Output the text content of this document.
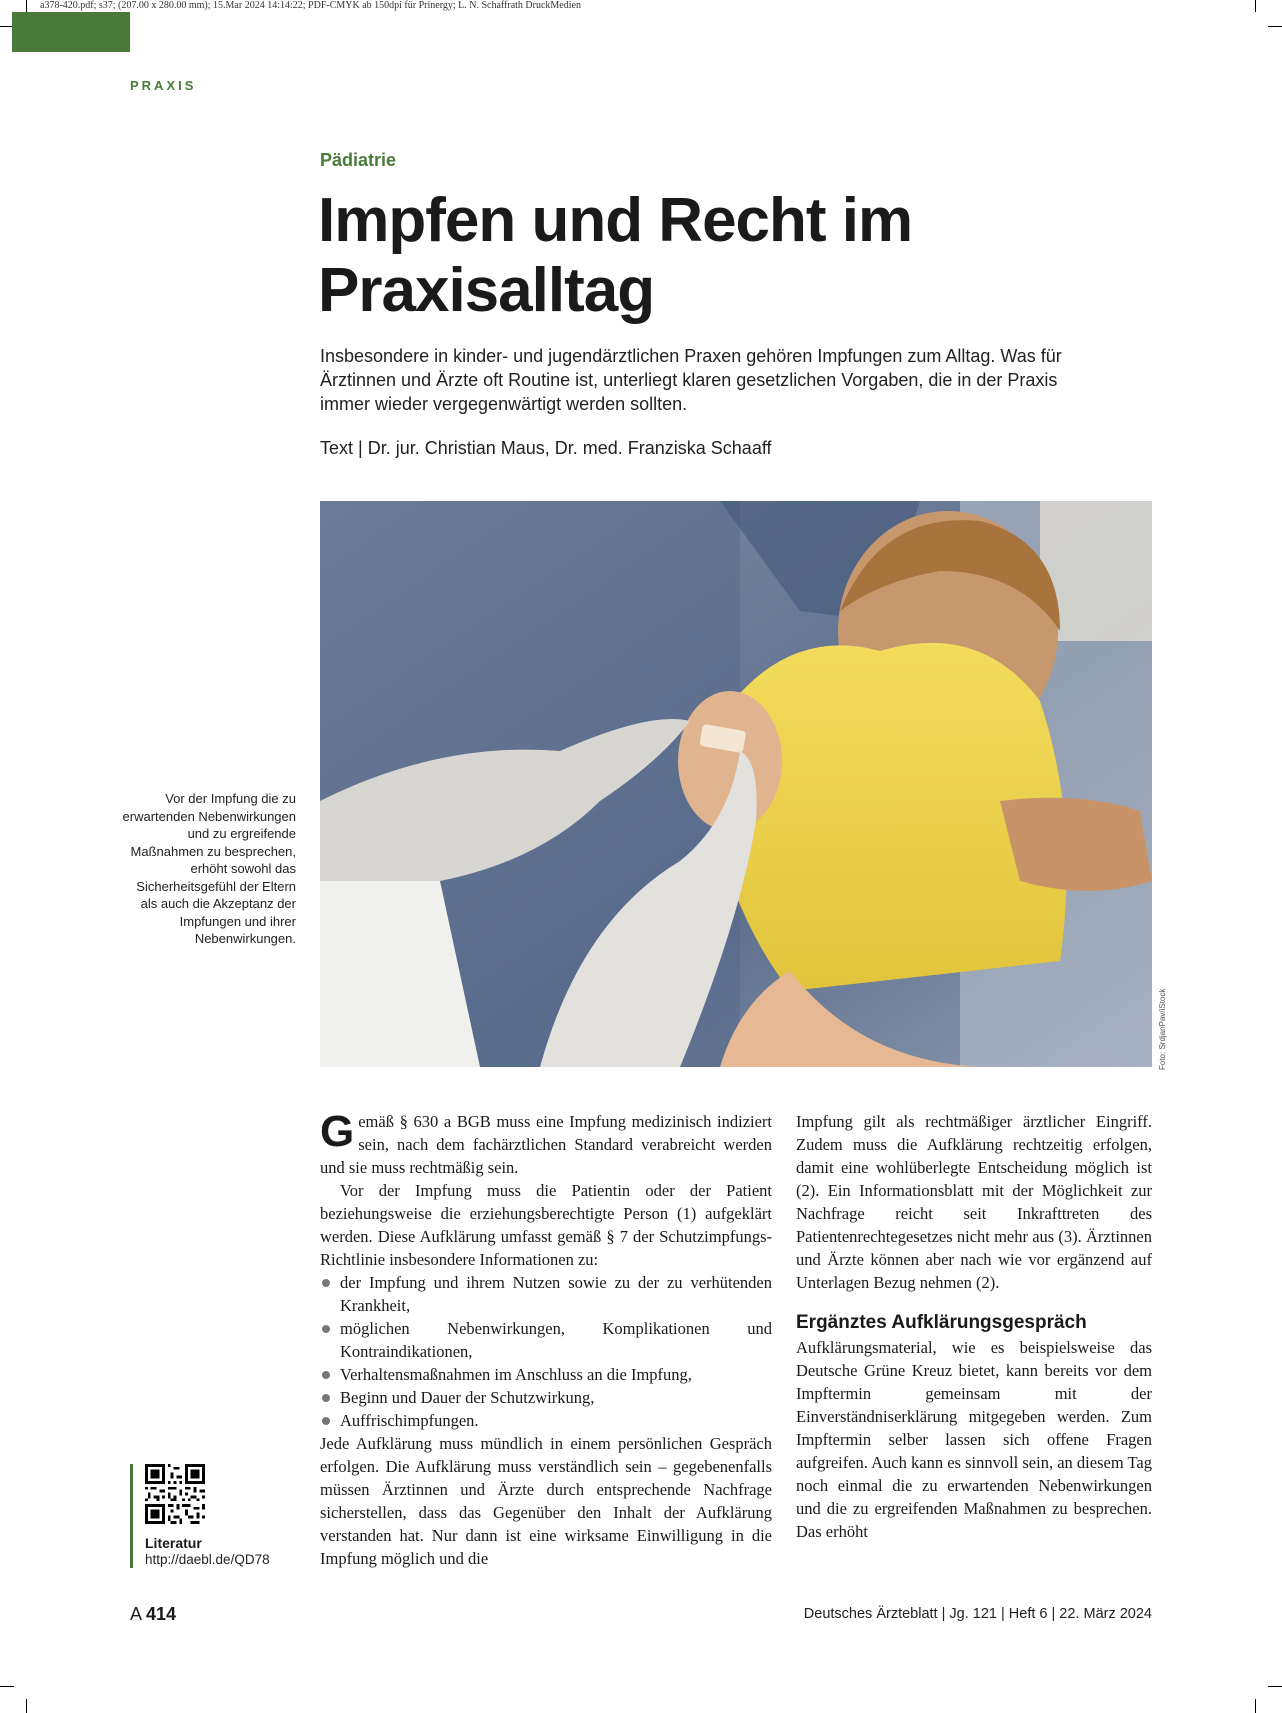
a378-420.pdf; s37; (207.00 x 280.00 mm); 15.Mar 2024 14:14:22; PDF-CMYK ab 150dpi für Prinergy; L. N. Schaffrath DruckMedien
PRAXIS
Pädiatrie
Impfen und Recht im
Praxisalltag

Insbesondere in kinder- und jugendärztlichen Praxen gehören Impfungen zum Alltag. Was für Ärztinnen und Ärzte oft Routine ist, unterliegt klaren gesetzlichen Vorgaben, die in der Praxis immer wieder vergegenwärtigt werden sollten.

Text | Dr. jur. Christian Maus, Dr. med. Franziska Schaaff
Foto: SrdjanPav/iStock
Vor der Impfung die zu erwartenden Nebenwirkungen und zu ergreifende Maßnahmen zu besprechen, erhöht sowohl das Sicherheitsgefühl der Eltern als auch die Akzeptanz der Impfungen und ihrer Nebenwirkungen.

Gemäß § 630 a BGB muss eine Impfung medizinisch indiziert sein, nach dem fachärztlichen Standard verabreicht werden und sie muss rechtmäßig sein.

Vor der Impfung muss die Patientin oder der Patient beziehungsweise die erziehungsberechtigte Person (1) aufgeklärt werden. Diese Aufklärung umfasst gemäß § 7 der Schutzimpfungs-Richtlinie insbesondere Informationen zu:

der Impfung und ihrem Nutzen sowie zu der zu verhütenden Krankheit,
möglichen Nebenwirkungen, Komplikationen und Kontraindikationen,
Verhaltensmaßnahmen im Anschluss an die Impfung,
Beginn und Dauer der Schutzwirkung,
Auffrischimpfungen.

Jede Aufklärung muss mündlich in einem persönlichen Gespräch erfolgen. Die Aufklärung muss verständlich sein – gegebenenfalls müssen Ärztinnen und Ärzte durch entsprechende Nachfrage sicherstellen, dass das Gegenüber den Inhalt der Aufklärung verstanden hat. Nur dann ist eine wirksame Einwilligung in die Impfung möglich und die

Impfung gilt als rechtmäßiger ärztlicher Eingriff. Zudem muss die Aufklärung rechtzeitig erfolgen, damit eine wohlüberlegte Entscheidung möglich ist (2). Ein Informationsblatt mit der Möglichkeit zur Nachfrage reicht seit Inkrafttreten des Patientenrechtegesetzes nicht mehr aus (3). Ärztinnen und Ärzte können aber nach wie vor ergänzend auf Unterlagen Bezug nehmen (2).

Ergänztes Aufklärungsgespräch

Aufklärungsmaterial, wie es beispielsweise das Deutsche Grüne Kreuz bietet, kann bereits vor dem Impftermin gemeinsam mit der Einverständniserklärung mitgegeben werden. Zum Impftermin selber lassen sich offene Fragen aufgreifen. Auch kann es sinnvoll sein, an diesem Tag noch einmal die zu erwartenden Nebenwirkungen und die zu ergreifenden Maßnahmen zu besprechen. Das erhöht

Literatur
http://daebl.de/QD78
A 414	Deutsches Ärzteblatt | Jg. 121 | Heft 6 | 22. März 2024
